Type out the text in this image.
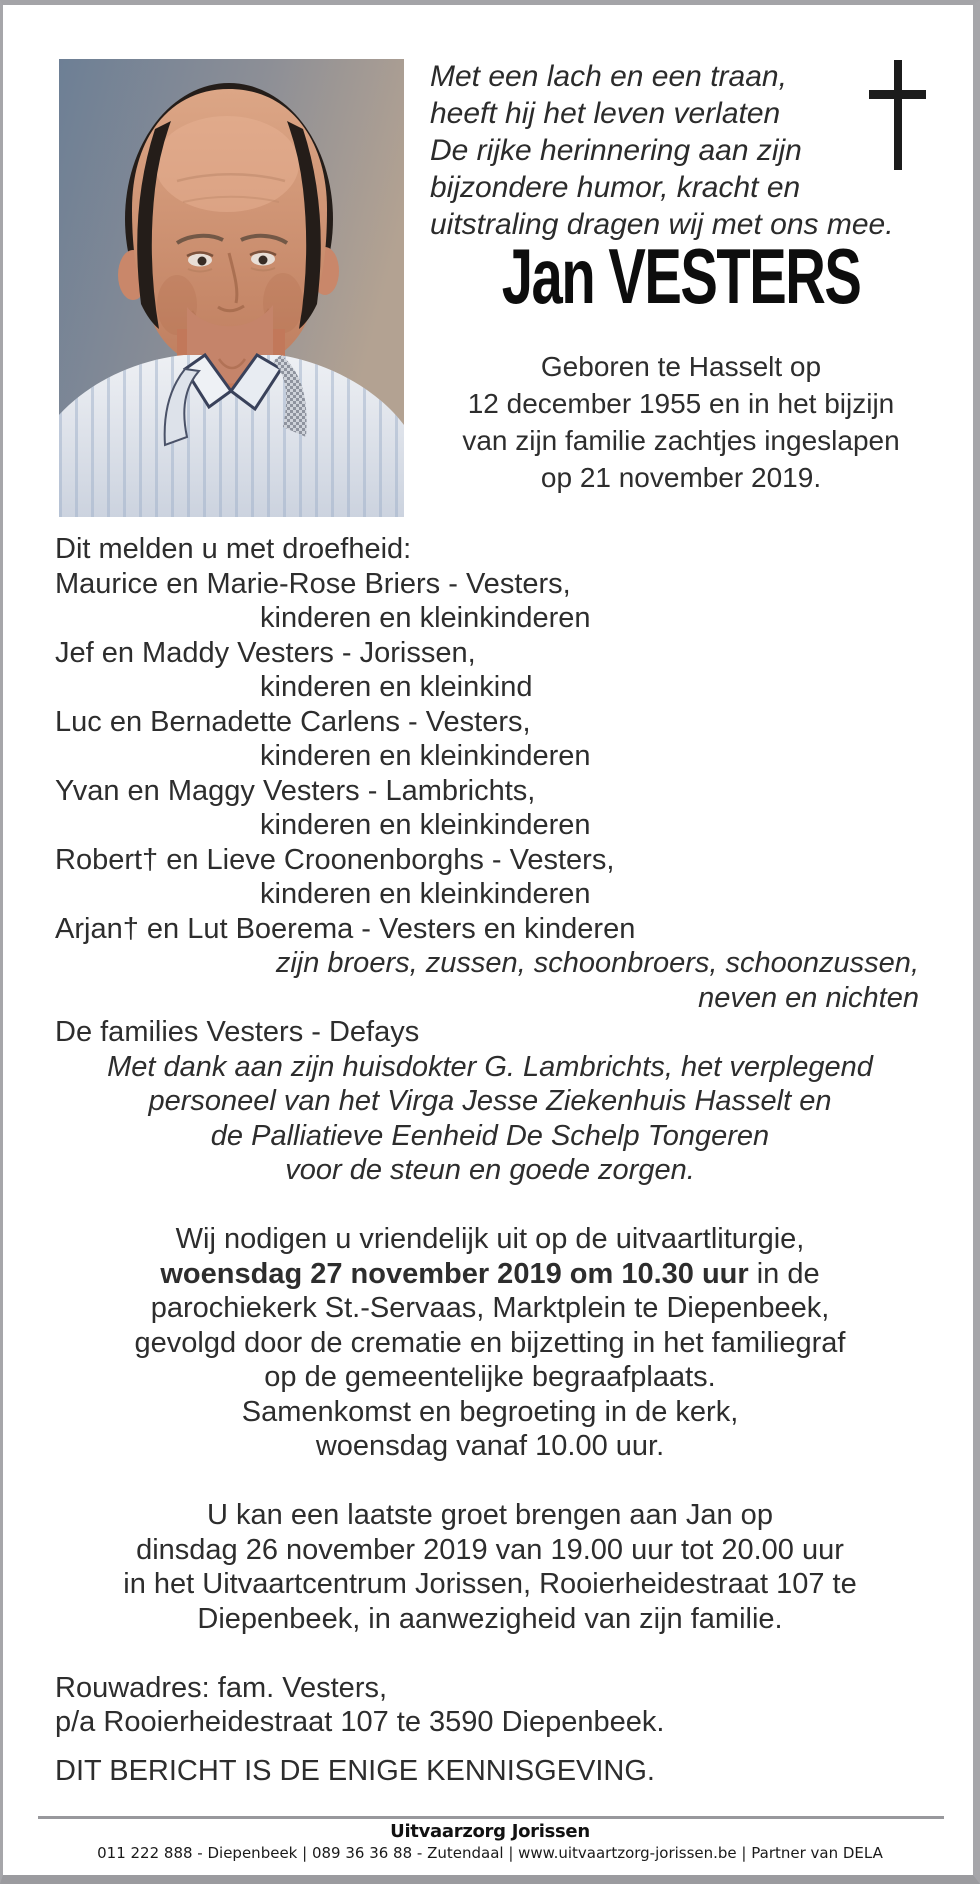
Met een lach en een traan,
heeft hij het leven verlaten
De rijke herinnering aan zijn
bijzondere humor, kracht en
uitstraling dragen wij met ons mee.
Jan VESTERS
Geboren te Hasselt op
12 december 1955 en in het bijzijn
van zijn familie zachtjes ingeslapen
op 21 november 2019.
Dit melden u met droefheid:
Maurice en Marie-Rose Briers - Vesters,
kinderen en kleinkinderen
Jef en Maddy Vesters - Jorissen,
kinderen en kleinkind
Luc en Bernadette Carlens - Vesters,
kinderen en kleinkinderen
Yvan en Maggy Vesters - Lambrichts,
kinderen en kleinkinderen
Robert† en Lieve Croonenborghs - Vesters,
kinderen en kleinkinderen
Arjan† en Lut Boerema - Vesters en kinderen
zijn broers, zussen, schoonbroers, schoonzussen,
neven en nichten
De families Vesters - Defays
Met dank aan zijn huisdokter G. Lambrichts, het verplegend
personeel van het Virga Jesse Ziekenhuis Hasselt en
de Palliatieve Eenheid De Schelp Tongeren
voor de steun en goede zorgen.
Wij nodigen u vriendelijk uit op de uitvaartliturgie,
woensdag 27 november 2019 om 10.30 uur in de
parochiekerk St.-Servaas, Marktplein te Diepenbeek,
gevolgd door de crematie en bijzetting in het familiegraf
op de gemeentelijke begraafplaats.
Samenkomst en begroeting in de kerk,
woensdag vanaf 10.00 uur.
U kan een laatste groet brengen aan Jan op
dinsdag 26 november 2019 van 19.00 uur tot 20.00 uur
in het Uitvaartcentrum Jorissen, Rooierheidestraat 107 te
Diepenbeek, in aanwezigheid van zijn familie.
Rouwadres: fam. Vesters,
p/a Rooierheidestraat 107 te 3590 Diepenbeek.
DIT BERICHT IS DE ENIGE KENNISGEVING.
Uitvaarzorg Jorissen
011 222 888 - Diepenbeek | 089 36 36 88 - Zutendaal | www.uitvaartzorg-jorissen.be | Partner van DELA
